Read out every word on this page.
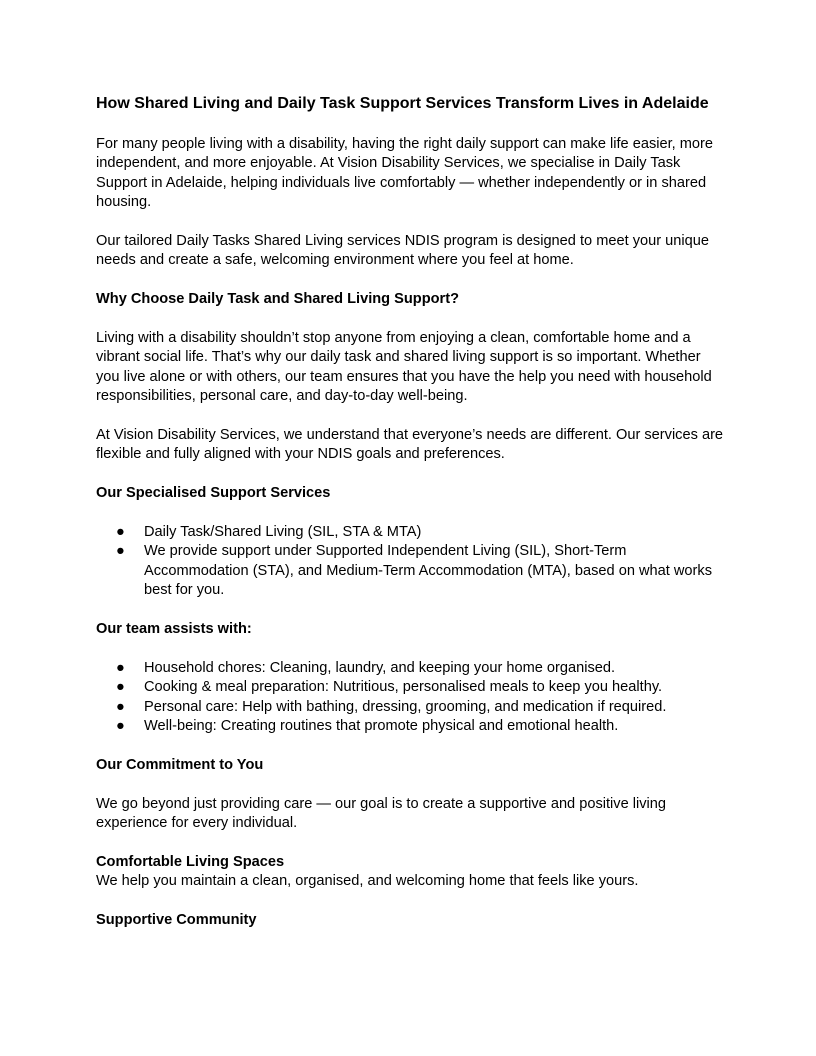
How Shared Living and Daily Task Support Services Transform Lives in Adelaide

For many people living with a disability, having the right daily support can make life easier, more independent, and more enjoyable. At Vision Disability Services, we specialise in Daily Task Support in Adelaide, helping individuals live comfortably — whether independently or in shared housing.

Our tailored Daily Tasks Shared Living services NDIS program is designed to meet your unique needs and create a safe, welcoming environment where you feel at home.

Why Choose Daily Task and Shared Living Support?

Living with a disability shouldn’t stop anyone from enjoying a clean, comfortable home and a vibrant social life. That’s why our daily task and shared living support is so important. Whether you live alone or with others, our team ensures that you have the help you need with household responsibilities, personal care, and day-to-day well-being.

At Vision Disability Services, we understand that everyone’s needs are different. Our services are flexible and fully aligned with your NDIS goals and preferences.

Our Specialised Support Services

● Daily Task/Shared Living (SIL, STA & MTA)
● We provide support under Supported Independent Living (SIL), Short-Term Accommodation (STA), and Medium-Term Accommodation (MTA), based on what works best for you.

Our team assists with:

● Household chores: Cleaning, laundry, and keeping your home organised.
● Cooking & meal preparation: Nutritious, personalised meals to keep you healthy.
● Personal care: Help with bathing, dressing, grooming, and medication if required.
● Well-being: Creating routines that promote physical and emotional health.

Our Commitment to You

We go beyond just providing care — our goal is to create a supportive and positive living experience for every individual.

Comfortable Living Spaces

We help you maintain a clean, organised, and welcoming home that feels like yours.

Supportive Community
